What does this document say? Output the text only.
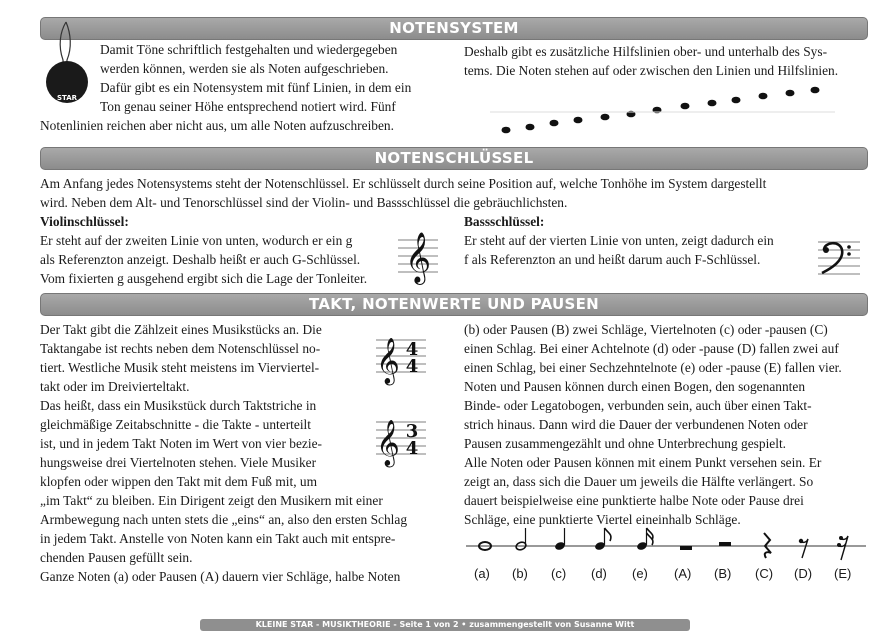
NOTENSYSTEM
STAR

Damit Töne schriftlich festgehalten und wiedergegeben

werden können, werden sie als Noten aufgeschrieben.

Dafür gibt es ein Notensystem mit fünf Linien, in dem ein

Ton genau seiner Höhe entsprechend notiert wird. Fünf

Notenlinien reichen aber nicht aus, um alle Noten aufzuschreiben.

Deshalb gibt es zusätzliche Hilfslinien ober- und unterhalb des Sys-

tems. Die Noten stehen auf oder zwischen den Linien und Hilfslinien.

NOTENSCHLÜSSEL

Am Anfang jedes Notensystems steht der Notenschlüssel. Er schlüsselt durch seine Position auf, welche Tonhöhe im System dargestellt

wird. Neben dem Alt- und Tenorschlüssel sind der Violin- und Bassschlüssel die gebräuchlichsten.

Violinschlüssel:

Er steht auf der zweiten Linie von unten, wodurch er ein g

als Referenzton anzeigt. Deshalb heißt er auch G-Schlüssel.

Vom fixierten g ausgehend ergibt sich die Lage der Tonleiter. 𝄞

Bassschlüssel:

Er steht auf der vierten Linie von unten, zeigt dadurch ein

f als Referenzton an und heißt darum auch F-Schlüssel.

TAKT, NOTENWERTE UND PAUSEN

Der Takt gibt die Zählzeit eines Musikstücks an. Die

Taktangabe ist rechts neben dem Notenschlüssel no-

tiert. Westliche Musik steht meistens im Vierviertel-

takt oder im Dreivierteltakt.

Das heißt, dass ein Musikstück durch Taktstriche in

gleichmäßige Zeitabschnitte - die Takte - unterteilt

ist, und in jedem Takt Noten im Wert von vier bezie-

hungsweise drei Viertelnoten stehen. Viele Musiker

klopfen oder wippen den Takt mit dem Fuß mit, um

„im Takt“ zu bleiben. Ein Dirigent zeigt den Musikern mit einer

Armbewegung nach unten stets die „eins“ an, also den ersten Schlag

in jedem Takt. Anstelle von Noten kann ein Takt auch mit entspre-

chenden Pausen gefüllt sein.

Ganze Noten (a) oder Pausen (A) dauern vier Schläge, halbe Noten

𝄞 4
4
𝄞 3
4

(b) oder Pausen (B) zwei Schläge, Viertelnoten (c) oder -pausen (C)

einen Schlag. Bei einer Achtelnote (d) oder -pause (D) fallen zwei auf

einen Schlag, bei einer Sechzehntelnote (e) oder -pause (E) fallen vier.

Noten und Pausen können durch einen Bogen, den sogenannten

Binde- oder Legatobogen, verbunden sein, auch über einen Takt-

strich hinaus. Dann wird die Dauer der verbundenen Noten oder

Pausen zusammengezählt und ohne Unterbrechung gespielt.

Alle Noten oder Pausen können mit einem Punkt versehen sein. Er

zeigt an, dass sich die Dauer um jeweils die Hälfte verlängert. So

dauert beispielweise eine punktierte halbe Note oder Pause drei

Schläge, eine punktierte Viertel eineinhalb Schläge.

(a) (b) (c) (d) (e) (A) (B) (C) (D) (E)
KLEINE STAR - MUSIKTHEORIE - Seite 1 von 2 • zusammengestellt von Susanne Witt
